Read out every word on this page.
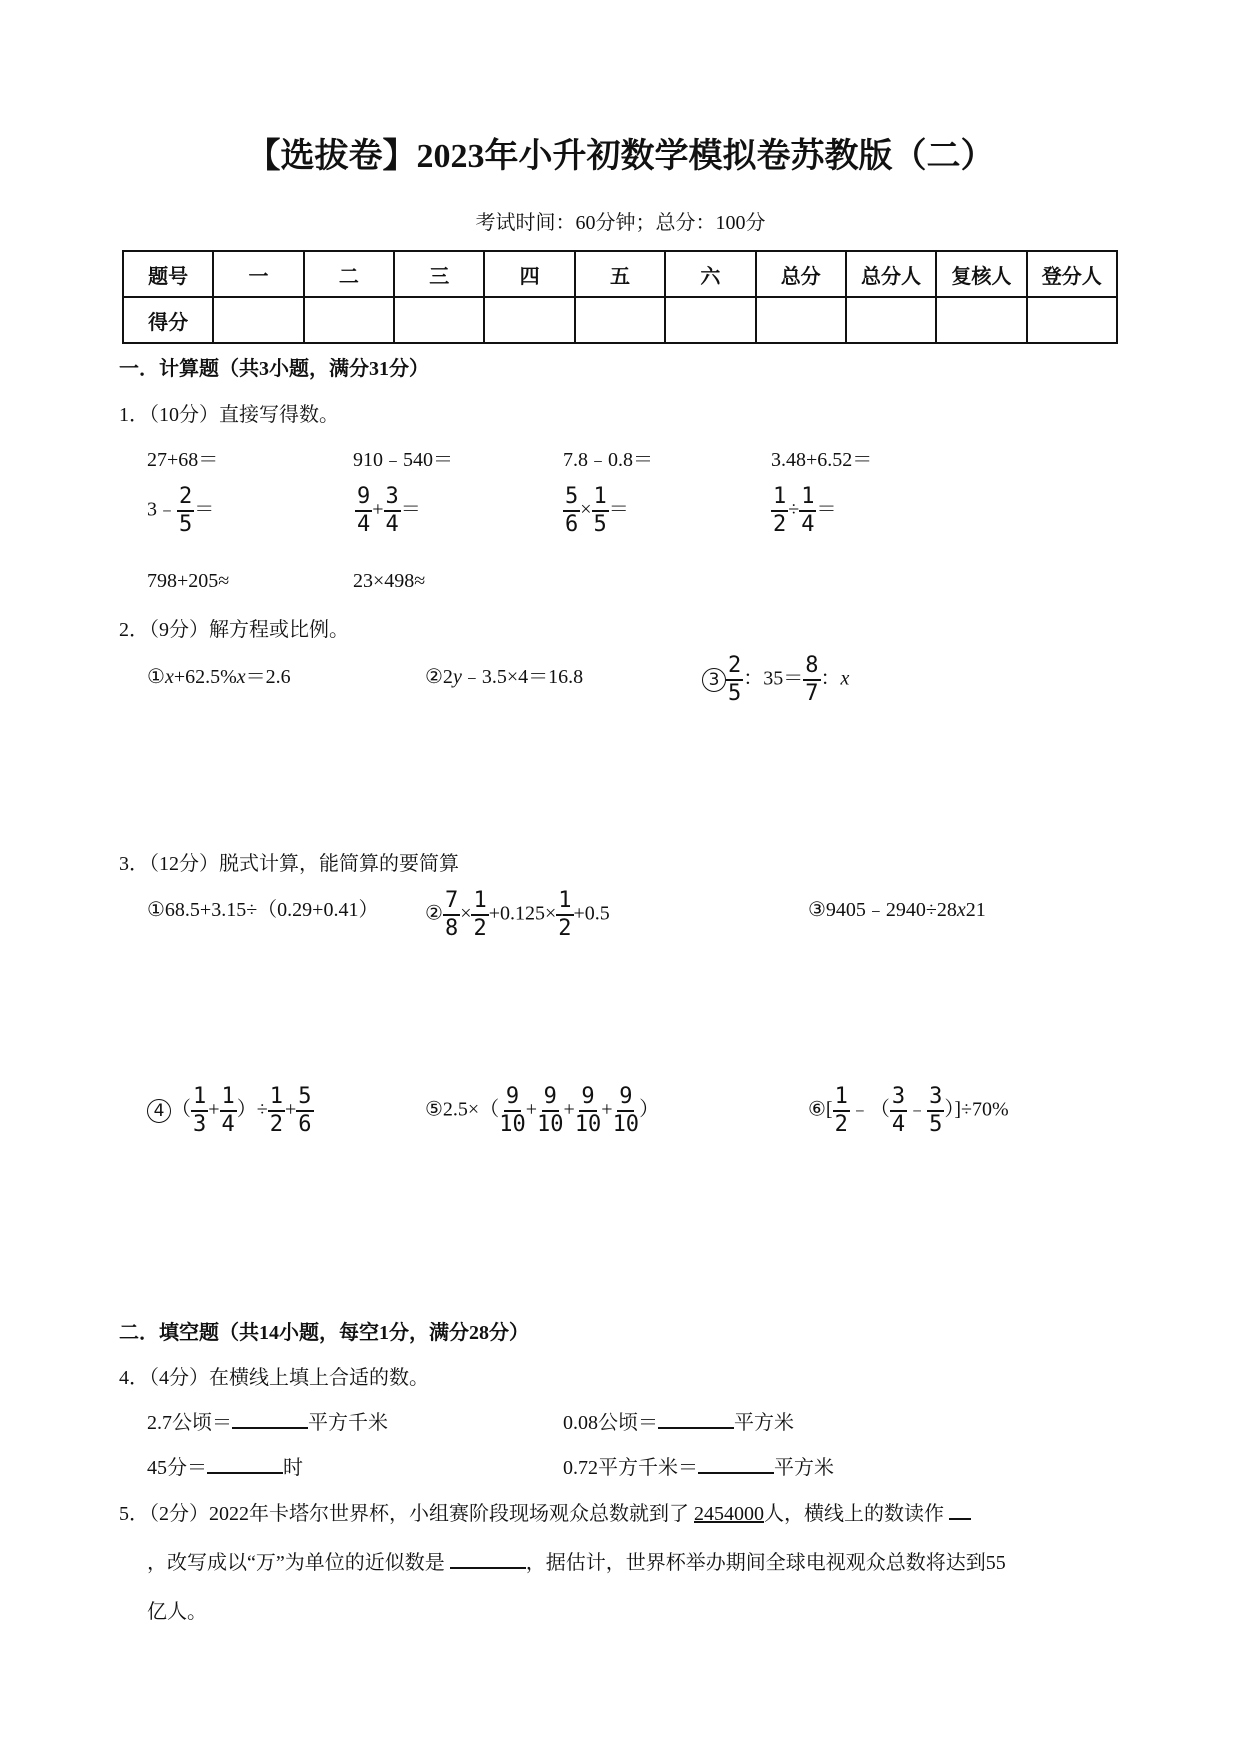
【选拔卷】2023年小升初数学模拟卷苏教版（二）
考试时间：60分钟；总分：100分
题号	一	二	三	四	五	六	总分	总分人	复核人	登分人
得分										
一．计算题（共3小题，满分31分）
1．（10分）直接写得数。
27+68＝	910﹣540＝	7.8﹣0.8＝	3.48+6.52＝
3﹣ $\frac{2}{5}$ ＝	$\frac{9}{4} + \frac{3}{4}$ ＝	$\frac{5}{6} \times \frac{1}{5}$ ＝	$\frac{1}{2} \div \frac{1}{4}$ ＝
798+205≈	23×498≈
2．（9分）解方程或比例。
①x+62.5%x＝2.6	②2y﹣3.5×4＝16.8	$3 \frac{2}{5}$ ：$35= \frac{8}{7}$ ：x
3．（12分）脱式计算，能简算的要简算
①68.5+3.15÷（0.29+0.41） ② $\frac{7}{8} \times \frac{1}{2} +0.125\times \frac{1}{2} +0.5$	③9405﹣2940÷28x21
4 （ $\frac{1}{3} + \frac{1}{4}$ ）÷ $\frac{1}{2} + \frac{5}{6}$	⑤2.5×（ $\frac{9}{10} + \frac{9}{10} + \frac{9}{10} + \frac{9}{10}$ ）	⑥[ $\frac{1}{2}$ ﹣（ $\frac{3}{4}$ ﹣ $\frac{3}{5} )]\div 70\%$
二．填空题（共14小题，每空1分，满分28分）
4．（4分）在横线上填上合适的数。
2.7公顷＝	平方千米	0.08公顷＝	平方米
45分＝	时	0.72平方千米＝	平方米
5．（2分）2022年卡塔尔世界杯，小组赛阶段现场观众总数就到了 2454000人，横线上的数读作
，改写成以“万”为单位的近似数是	，据估计，世界杯举办期间全球电视观众总数将达到55
亿人。
